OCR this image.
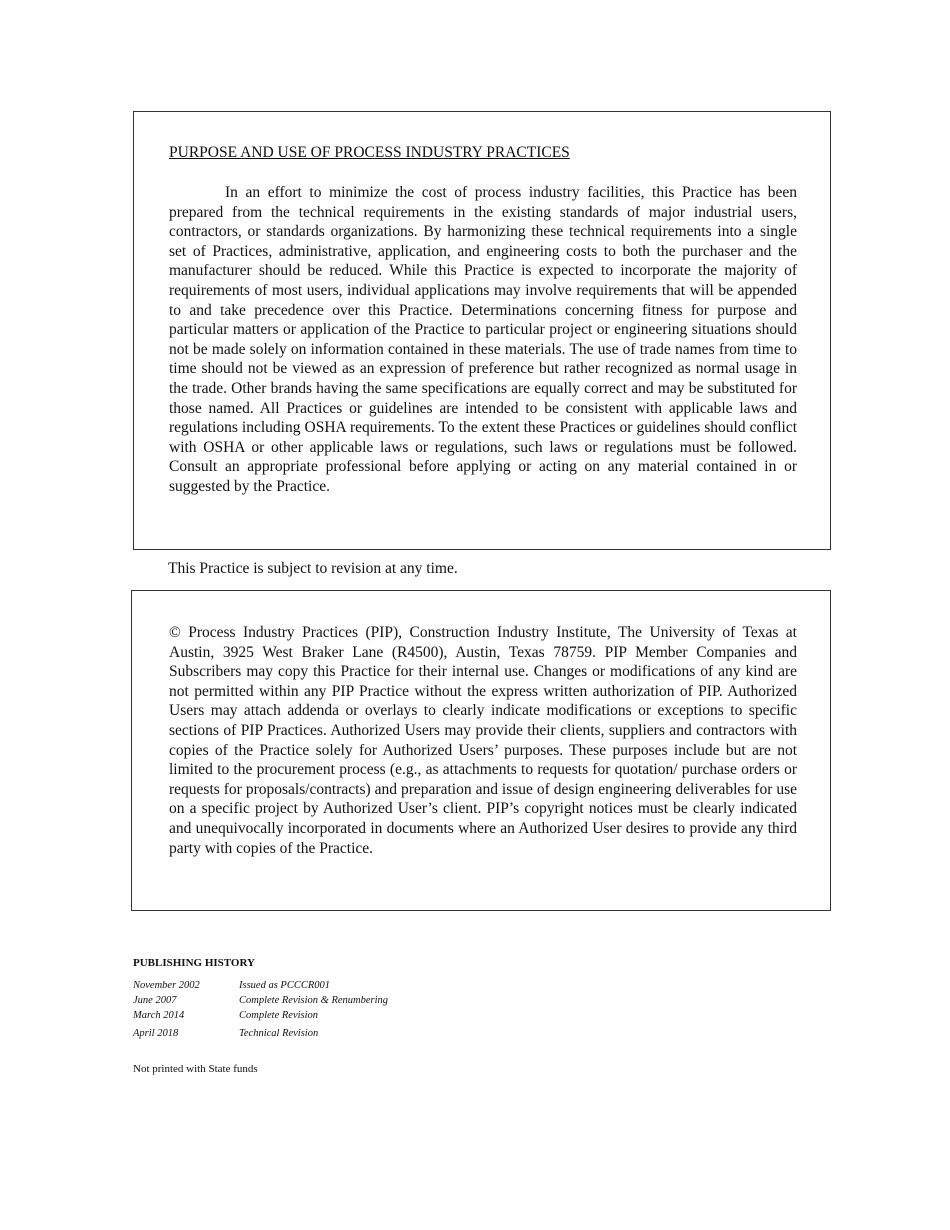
PURPOSE AND USE OF PROCESS INDUSTRY PRACTICES

In an effort to minimize the cost of process industry facilities, this Practice has been prepared from the technical requirements in the existing standards of major industrial users, contractors, or standards organizations. By harmonizing these technical requirements into a single set of Practices, administrative, application, and engineering costs to both the purchaser and the manufacturer should be reduced. While this Practice is expected to incorporate the majority of requirements of most users, individual applications may involve requirements that will be appended to and take precedence over this Practice. Determinations concerning fitness for purpose and particular matters or application of the Practice to particular project or engineering situations should not be made solely on information contained in these materials. The use of trade names from time to time should not be viewed as an expression of preference but rather recognized as normal usage in the trade. Other brands having the same specifications are equally correct and may be substituted for those named. All Practices or guidelines are intended to be consistent with applicable laws and regulations including OSHA requirements. To the extent these Practices or guidelines should conflict with OSHA or other applicable laws or regulations, such laws or regulations must be followed. Consult an appropriate professional before applying or acting on any material contained in or suggested by the Practice.

This Practice is subject to revision at any time.

© Process Industry Practices (PIP), Construction Industry Institute, The University of Texas at Austin, 3925 West Braker Lane (R4500), Austin, Texas 78759. PIP Member Companies and Subscribers may copy this Practice for their internal use. Changes or modifications of any kind are not permitted within any PIP Practice without the express written authorization of PIP. Authorized Users may attach addenda or overlays to clearly indicate modifications or exceptions to specific sections of PIP Practices. Authorized Users may provide their clients, suppliers and contractors with copies of the Practice solely for Authorized Users’ purposes. These purposes include but are not limited to the procurement process (e.g., as attachments to requests for quotation/ purchase orders or requests for proposals/contracts) and preparation and issue of design engineering deliverables for use on a specific project by Authorized User’s client. PIP’s copyright notices must be clearly indicated and unequivocally incorporated in documents where an Authorized User desires to provide any third party with copies of the Practice.

PUBLISHING HISTORY
November 2002	Issued as PCCCR001
June 2007	Complete Revision & Renumbering
March 2014	Complete Revision
April 2018	Technical Revision

Not printed with State funds
